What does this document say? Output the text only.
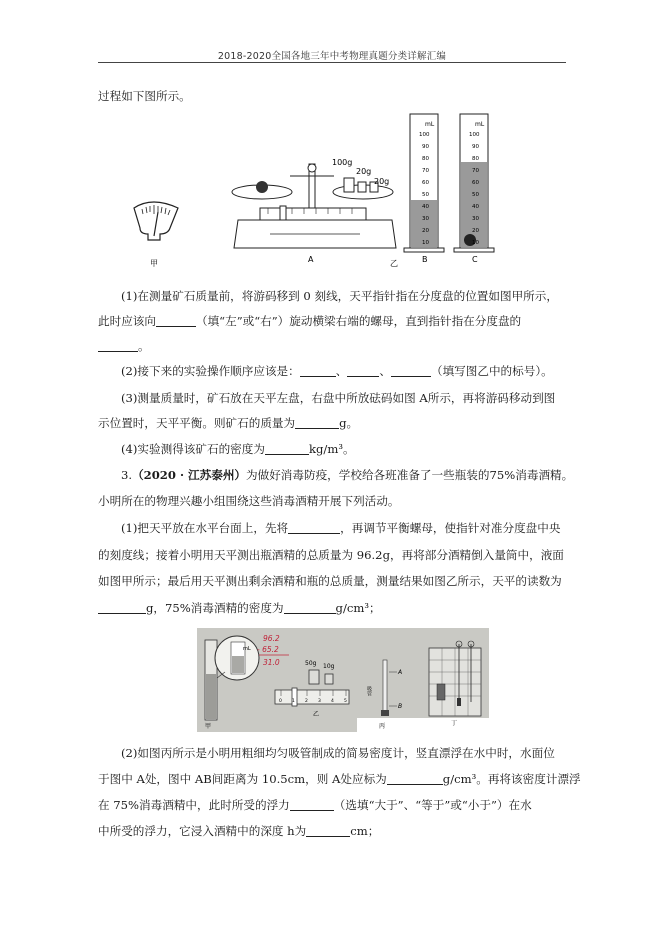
2018-2020全国各地三年中考物理真题分类详解汇编
过程如下图所示。
甲
100g
20g
20g
A	乙
mL
100
90
80
70
60
50
40
30
20
10
B
mL
100
90
80
70
60
50
40
30
20
10
C
(1)在测量矿石质量前，将游码移到 0 刻线，天平指针指在分度盘的位置如图甲所示，
此时应该向	（填“左”或“右”）旋动横梁右端的螺母，直到指针指在分度盘的
。
(2)接下来的实验操作顺序应该是：	、	、	（填写图乙中的标号）。
(3)测量质量时，矿石放在天平左盘，右盘中所放砝码如图 A所示，再将游码移动到图
示位置时，天平平衡。则矿石的质量为	g。
(4)实验测得该矿石的密度为	kg/m³。
3.（2020 · 江苏泰州）为做好消毒防疫，学校给各班准备了一些瓶装的75%消毒酒精。
小明所在的物理兴趣小组围绕这些消毒酒精开展下列活动。
(1)把天平放在水平台面上，先将	，再调节平衡螺母，使指针对准分度盘中央
的刻度线；接着小明用天平测出瓶酒精的总质量为 96.2g，再将部分酒精倒入量筒中，液面
如图甲所示；最后用天平测出剩余酒精和瓶的总质量，测量结果如图乙所示，天平的读数为
g，75%消毒酒精的密度为	g/cm³；
mL
甲
96.2
- 65.2
31.0	50g 10g
0 1 2 3 4 5
乙
吸管
A
B
丙	丁
(2)如图丙所示是小明用粗细均匀吸管制成的简易密度计，竖直漂浮在水中时，水面位
于图中 A处，图中 AB间距离为 10.5cm，则 A处应标为	g/cm³。再将该密度计漂浮
在 75%消毒酒精中，此时所受的浮力	（选填“大于”、“等于”或“小于”）在水
中所受的浮力，它浸入酒精中的深度 h为	cm；
